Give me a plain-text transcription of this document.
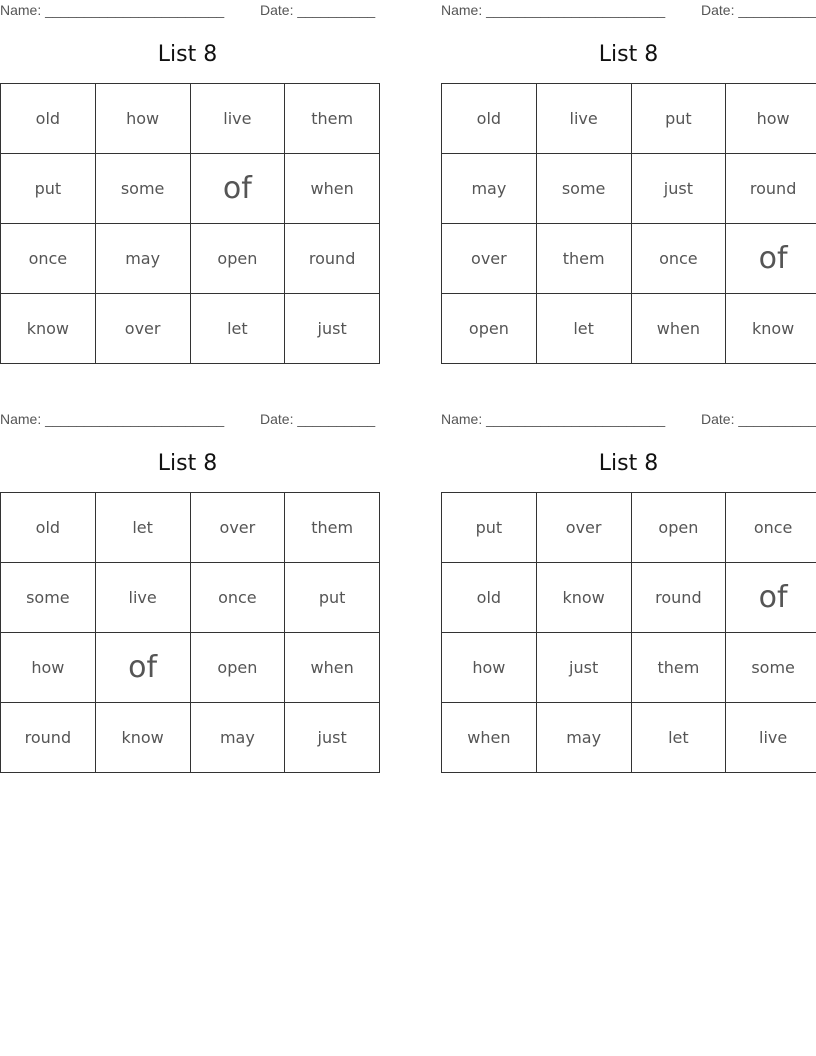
Name: _______________________	Date: __________
List 8
old	how	live	them
put	some	of	when
once	may	open	round
know	over	let	just
Name: _______________________	Date: __________
List 8
old	live	put	how
may	some	just	round
over	them	once	of
open	let	when	know
Name: _______________________	Date: __________
List 8
old	let	over	them
some	live	once	put
how	of	open	when
round	know	may	just
Name: _______________________	Date: __________
List 8
put	over	open	once
old	know	round	of
how	just	them	some
when	may	let	live
